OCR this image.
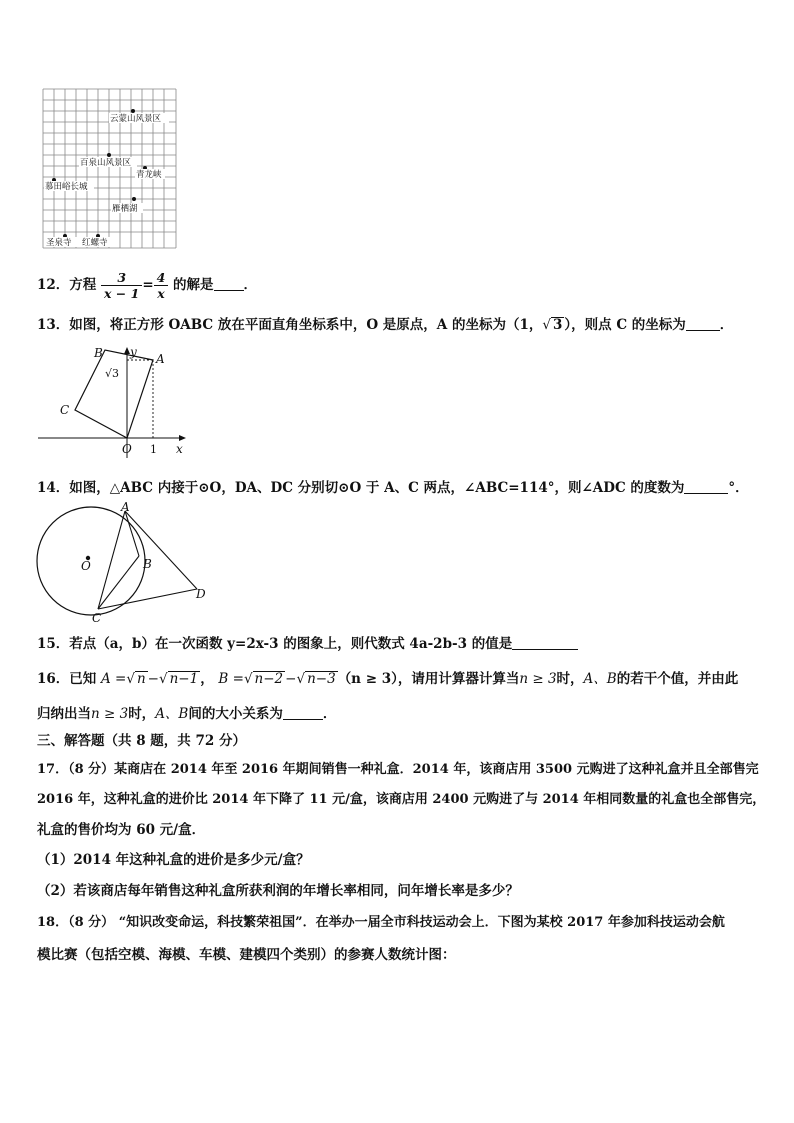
云蒙山风景区
百泉山风景区
青龙峡
慕田峪长城
雁栖湖
圣泉寺 红螺寺
12．方程 $\frac{3}{x - 1} = \frac{4}{x}$ 的解是 ．
13．如图，将正方形 OABC 放在平面直角坐标系中，O 是原点，A 的坐标为（1，√ 3 ），则点 C 的坐标为	．
B y A
C
O	x
√3
1
14．如图，△ABC 内接于⊙O，DA、DC 分别切⊙O 于 A、C 两点，∠ABC=114°，则∠ADC 的度数为	°．
A
O	B
C
D
15．若点（a，b）在一次函数 y=2x-3 的图象上，则代数式 4a-2b-3 的值是
16．已知 A =√ n −√ n−1 ， B =√ n−2 −√ n−3 （n ≥ 3），请用计算器计算当n ≥ 3时，A、B的若干个值，并由此
归纳出当n ≥ 3时，A、B间的大小关系为	．
三、解答题（共 8 题，共 72 分）
17．（8 分）某商店在 2014 年至 2016 年期间销售一种礼盒．2014 年，该商店用 3500 元购进了这种礼盒并且全部售完
2016 年，这种礼盒的进价比 2014 年下降了 11 元/盒，该商店用 2400 元购进了与 2014 年相同数量的礼盒也全部售完，
礼盒的售价均为 60 元/盒．
（1）2014 年这种礼盒的进价是多少元/盒？
（2）若该商店每年销售这种礼盒所获利润的年增长率相同，问年增长率是多少？
18．（8 分） “知识改变命运，科技繁荣祖国”．在举办一届全市科技运动会上．下图为某校 2017 年参加科技运动会航
模比赛（包括空模、海模、车模、建模四个类别）的参赛人数统计图：
